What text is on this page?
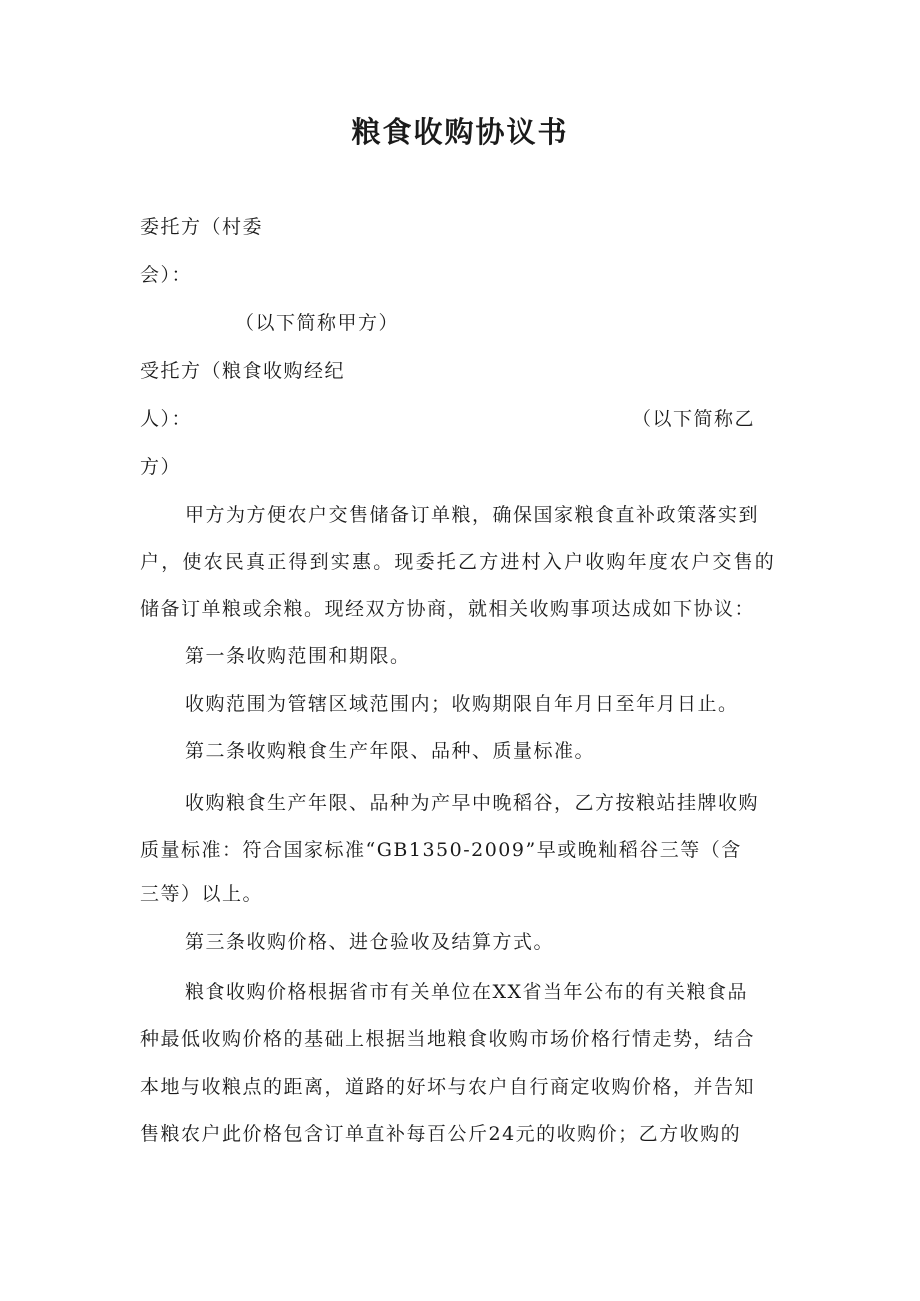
粮食收购协议书
委托方（村委
会）：
（以下简称甲方）
受托方（粮食收购经纪
人）：	（以下简称乙
方）
甲方为方便农户交售储备订单粮，确保国家粮食直补政策落实到
户，使农民真正得到实惠。现委托乙方进村入户收购年度农户交售的
储备订单粮或余粮。现经双方协商，就相关收购事项达成如下协议：
第一条收购范围和期限。
收购范围为管辖区域范围内；收购期限自年月日至年月日止。
第二条收购粮食生产年限、品种、质量标准。
收购粮食生产年限、品种为产早中晚稻谷，乙方按粮站挂牌收购
质量标准：符合国家标准“GB1350-2009”早或晚籼稻谷三等（含
三等）以上。
第三条收购价格、进仓验收及结算方式。
粮食收购价格根据省市有关单位在XX省当年公布的有关粮食品
种最低收购价格的基础上根据当地粮食收购市场价格行情走势，结合
本地与收粮点的距离，道路的好坏与农户自行商定收购价格，并告知
售粮农户此价格包含订单直补每百公斤24元的收购价；乙方收购的
